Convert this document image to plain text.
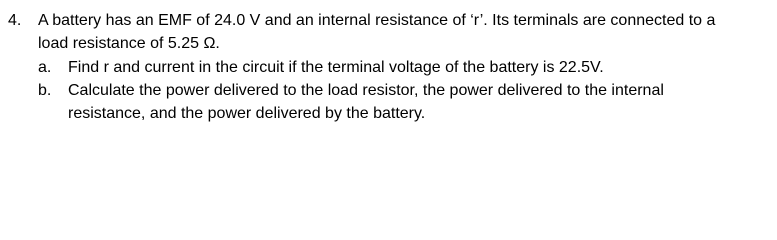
4. A battery has an EMF of 24.0 V and an internal resistance of ‘r’. Its terminals are connected to a
load resistance of 5.25 Ω.
a. Find r and current in the circuit if the terminal voltage of the battery is 22.5V.
b. Calculate the power delivered to the load resistor, the power delivered to the internal
resistance, and the power delivered by the battery.
